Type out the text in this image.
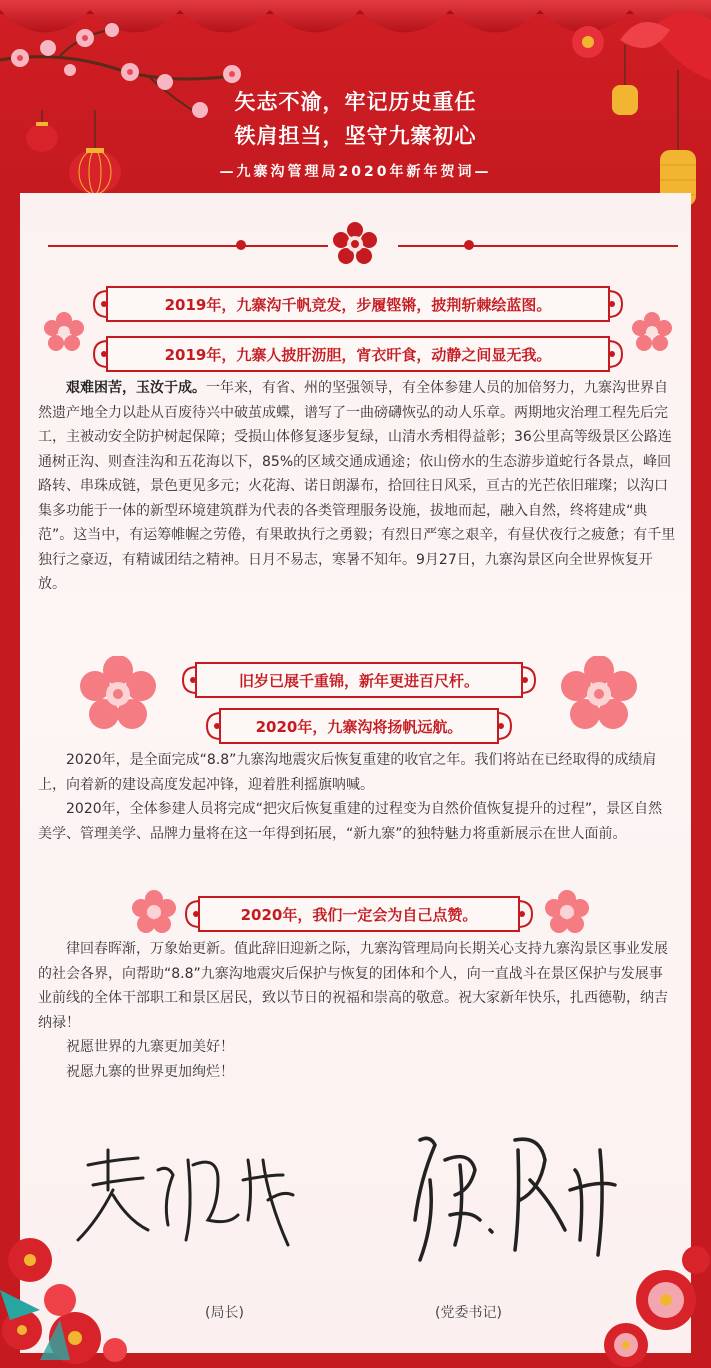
矢志不渝，牢记历史重任
铁肩担当，坚守九寨初心
—九寨沟管理局2020年新年贺词—
2019年，九寨沟千帆竞发，步履铿锵，披荆斩棘绘蓝图。
2019年，九寨人披肝沥胆，宵衣旰食，动静之间显无我。

艰难困苦，玉汝于成。一年来，有省、州的坚强领导，有全体参建人员的加倍努力，九寨沟世界自然遗产地全力以赴从百废待兴中破茧成蝶，谱写了一曲磅礴恢弘的动人乐章。两期地灾治理工程先后完工，主被动安全防护树起保障；受损山体修复逐步复绿，山清水秀相得益彰；36公里高等级景区公路连通树正沟、则查洼沟和五花海以下，85%的区域交通成通途；依山傍水的生态游步道蛇行各景点，峰回路转、串珠成链，景色更见多元；火花海、诺日朗瀑布，拾回往日风采，亘古的光芒依旧璀璨；以沟口集多功能于一体的新型环境建筑群为代表的各类管理服务设施，拔地而起，融入自然，终将建成“典范”。这当中，有运筹帷幄之劳倦，有果敢执行之勇毅；有烈日严寒之艰辛，有昼伏夜行之疲惫；有千里独行之豪迈，有精诚团结之精神。日月不易志，寒暑不知年。9月27日，九寨沟景区向全世界恢复开放。

旧岁已展千重锦，新年更进百尺杆。
2020年，九寨沟将扬帆远航。

2020年，是全面完成“8.8”九寨沟地震灾后恢复重建的收官之年。我们将站在已经取得的成绩肩上，向着新的建设高度发起冲锋，迎着胜利摇旗呐喊。

2020年，全体参建人员将完成“把灾后恢复重建的过程变为自然价值恢复提升的过程”，景区自然美学、管理美学、品牌力量将在这一年得到拓展，“新九寨”的独特魅力将重新展示在世人面前。

2020年，我们一定会为自己点赞。

律回春晖渐，万象始更新。值此辞旧迎新之际，九寨沟管理局向长期关心支持九寨沟景区事业发展的社会各界，向帮助“8.8”九寨沟地震灾后保护与恢复的团体和个人，向一直战斗在景区保护与发展事业前线的全体干部职工和景区居民，致以节日的祝福和崇高的敬意。祝大家新年快乐，扎西德勒，纳吉纳禄！

祝愿世界的九寨更加美好！

祝愿九寨的世界更加绚烂！

(局长)	(党委书记)
